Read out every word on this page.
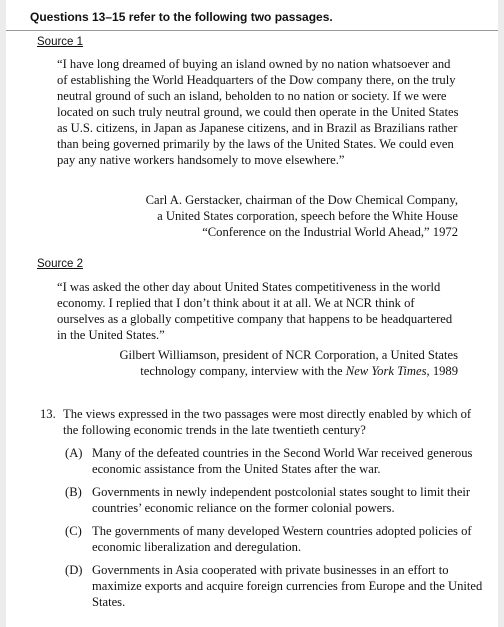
Questions 13–15 refer to the following two passages.
Source 1
“I have long dreamed of buying an island owned by no nation whatsoever and of establishing the World Headquarters of the Dow company there, on the truly neutral ground of such an island, beholden to no nation or society. If we were located on such truly neutral ground, we could then operate in the United States as U.S. citizens, in Japan as Japanese citizens, and in Brazil as Brazilians rather than being governed primarily by the laws of the United States. We could even pay any native workers handsomely to move elsewhere.”
Carl A. Gerstacker, chairman of the Dow Chemical Company,
a United States corporation, speech before the White House
“Conference on the Industrial World Ahead,” 1972
Source 2
“I was asked the other day about United States competitiveness in the world economy. I replied that I don’t think about it at all. We at NCR think of ourselves as a globally competitive company that happens to be headquartered in the United States.”
Gilbert Williamson, president of NCR Corporation, a United States
technology company, interview with the New York Times, 1989
13. The views expressed in the two passages were most directly enabled by which of the following economic trends in the late twentieth century?
(A) Many of the defeated countries in the Second World War received generous economic assistance from the United States after the war.
(B) Governments in newly independent postcolonial states sought to limit their countries’ economic reliance on the former colonial powers.
(C) The governments of many developed Western countries adopted policies of economic liberalization and deregulation.
(D) Governments in Asia cooperated with private businesses in an effort to maximize exports and acquire foreign currencies from Europe and the United States.
